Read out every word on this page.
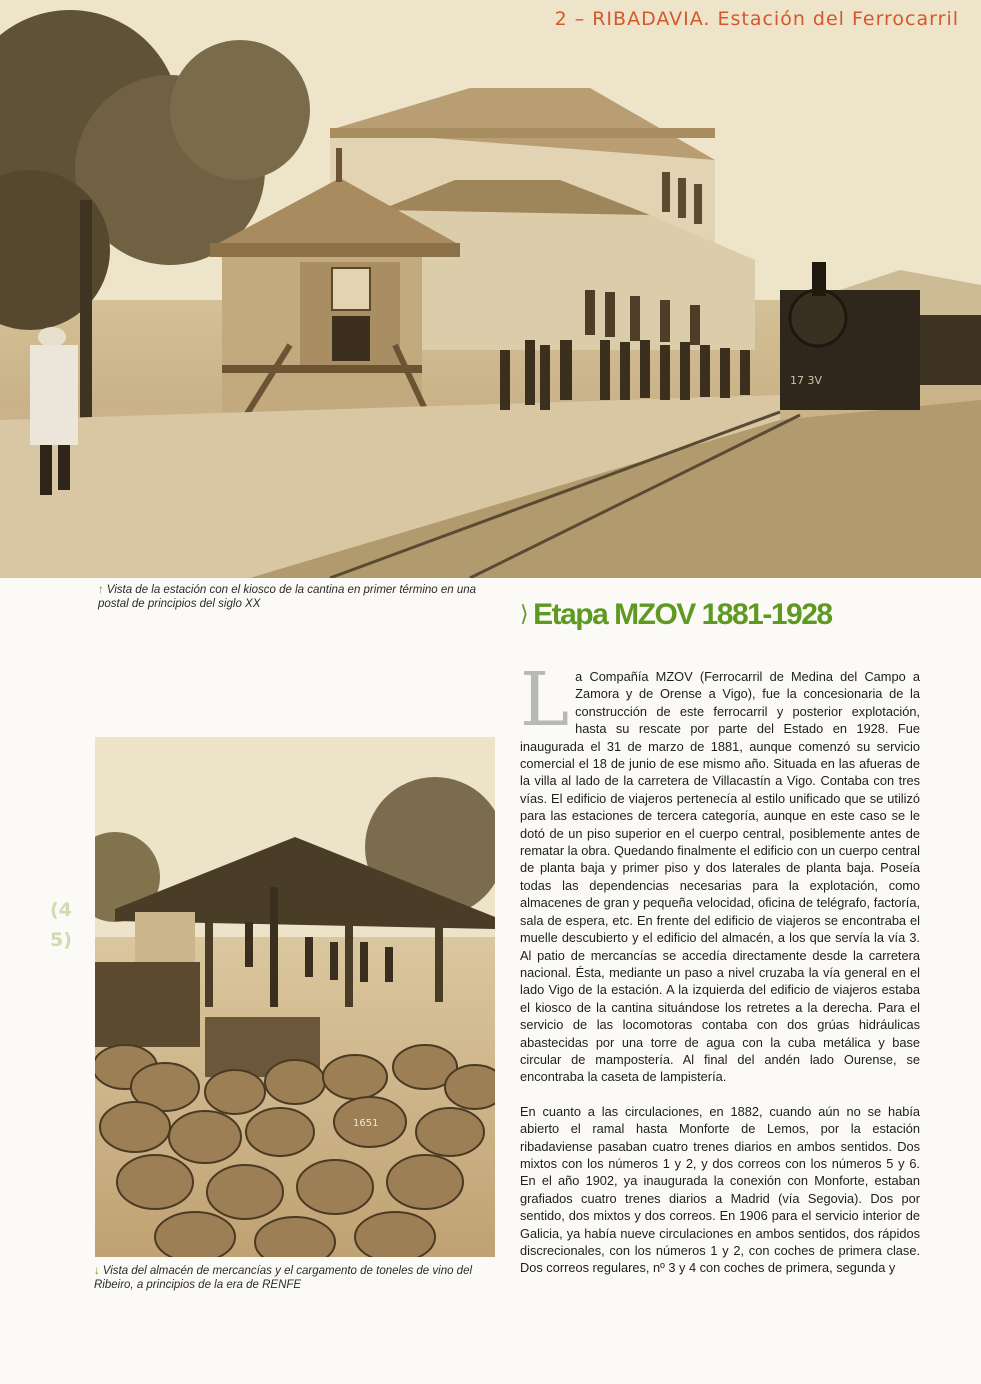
17 3V
2 – RIBADAVIA. Estación del Ferrocarril
↑ Vista de la estación con el kiosco de la cantina en primer término en una postal de principios del siglo XX	⟩ Etapa MZOV 1881-1928
(4
5)
1651
↓ Vista del almacén de mercancías y el cargamento de toneles de vino del Ribeiro, a principios de la era de RENFE

La Compañía MZOV (Ferrocarril de Medina del Campo a Zamora y de Orense a Vigo), fue la concesionaria de la construcción de este ferrocarril y posterior explotación, hasta su rescate por parte del Estado en 1928. Fue inaugurada el 31 de marzo de 1881, aunque comenzó su servicio comercial el 18 de junio de ese mismo año. Situada en las afueras de la villa al lado de la carretera de Villacastín a Vigo. Contaba con tres vías. El edificio de viajeros pertenecía al estilo unificado que se utilizó para las estaciones de tercera categoría, aunque en este caso se le dotó de un piso superior en el cuerpo central, posiblemente antes de rematar la obra. Quedando finalmente el edificio con un cuerpo central de planta baja y primer piso y dos laterales de planta baja. Poseía todas las dependencias necesarias para la explotación, como almacenes de gran y pequeña velocidad, oficina de telégrafo, factoría, sala de espera, etc. En frente del edificio de viajeros se encontraba el muelle descubierto y el edificio del almacén, a los que servía la vía 3. Al patio de mercancías se accedía directamente desde la carretera nacional. Ésta, mediante un paso a nivel cruzaba la vía general en el lado Vigo de la estación. A la izquierda del edificio de viajeros estaba el kiosco de la cantina situándose los retretes a la derecha. Para el servicio de las locomotoras contaba con dos grúas hidráulicas abastecidas por una torre de agua con la cuba metálica y base circular de mampostería. Al final del andén lado Ourense, se encontraba la caseta de lampistería.

En cuanto a las circulaciones, en 1882, cuando aún no se había abierto el ramal hasta Monforte de Lemos, por la estación ribadaviense pasaban cuatro trenes diarios en ambos sentidos. Dos mixtos con los números 1 y 2, y dos correos con los números 5 y 6. En el año 1902, ya inaugurada la conexión con Monforte, estaban grafiados cuatro trenes diarios a Madrid (vía Segovia). Dos por sentido, dos mixtos y dos correos. En 1906 para el servicio interior de Galicia, ya había nueve circulaciones en ambos sentidos, dos rápidos discrecionales, con los números 1 y 2, con coches de primera clase. Dos correos regulares, nº 3 y 4 con coches de primera, segunda y
